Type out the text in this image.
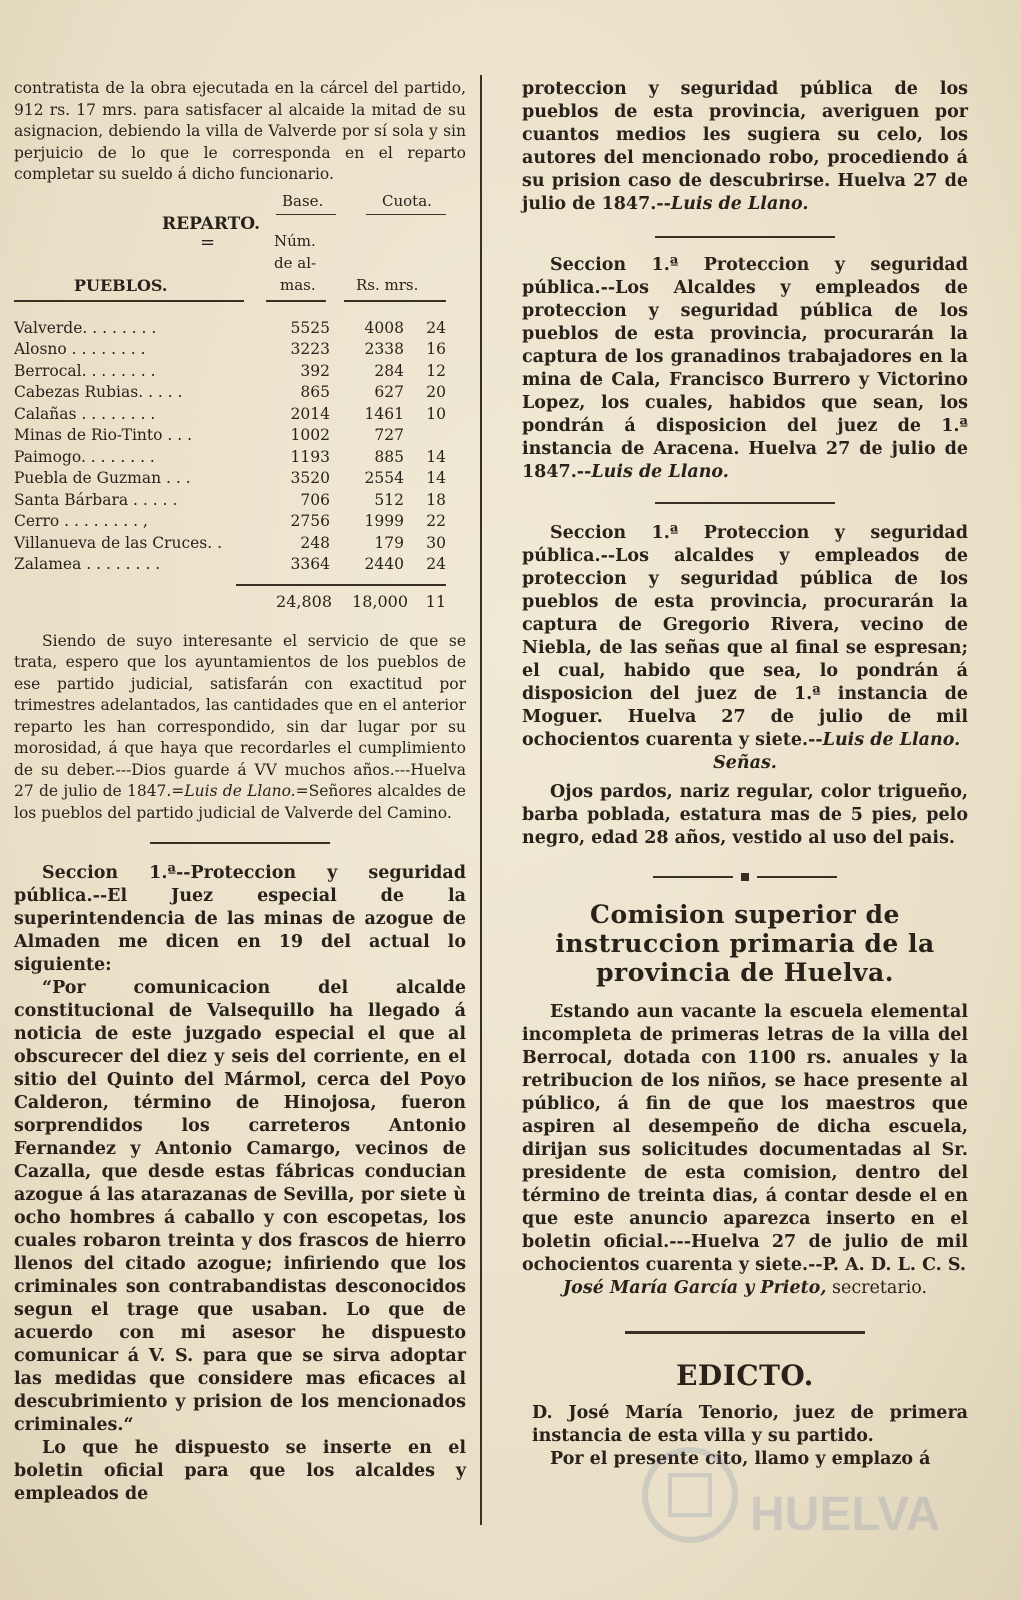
contratista de la obra ejecutada en la cárcel del partido, 912 rs. 17 mrs. para satisfacer al alcaide la mitad de su asignacion, debiendo la villa de Valverde por sí sola y sin perjuicio de lo que le corresponda en el reparto completar su sueldo á dicho funcionario.

Base.	Cuota.
REPARTO.
=	Núm.
de al-
mas.
PUEBLOS.	Rs. mrs.
Valverde. . . . . . . .	5525	4008	24
Alosno . . . . . . . .	3223	2338	16
Berrocal. . . . . . . .	392	284	12
Cabezas Rubias. . . . .	865	627	20
Calañas . . . . . . . .	2014	1461	10
Minas de Rio-Tinto . . .	1002	727
Paimogo. . . . . . . .	1193	885	14
Puebla de Guzman . . .	3520	2554	14
Santa Bárbara . . . . .	706	512	18
Cerro . . . . . . . . ,	2756	1999	22
Villanueva de las Cruces. .	248	179	30
Zalamea . . . . . . . .	3364	2440	24
24,808	18,000	11

Siendo de suyo interesante el servicio de que se trata, espero que los ayuntamientos de los pueblos de ese partido judicial, satisfarán con exactitud por trimestres adelantados, las cantidades que en el anterior reparto les han correspondido, sin dar lugar por su morosidad, á que haya que recordarles el cumplimiento de su deber.---Dios guarde á VV muchos años.---Huelva 27 de julio de 1847.=Luis de Llano.=Señores alcaldes de los pueblos del partido judicial de Valverde del Camino.

Seccion 1.ª--Proteccion y seguridad pública.--El Juez especial de la superintendencia de las minas de azogue de Almaden me dicen en 19 del actual lo siguiente:

“Por comunicacion del alcalde constitucional de Valsequillo ha llegado á noticia de este juzgado especial el que al obscurecer del diez y seis del corriente, en el sitio del Quinto del Mármol, cerca del Poyo Calderon, término de Hinojosa, fueron sorprendidos los carreteros Antonio Fernandez y Antonio Camargo, vecinos de Cazalla, que desde estas fábricas conducian azogue á las atarazanas de Sevilla, por siete ù ocho hombres á caballo y con escopetas, los cuales robaron treinta y dos frascos de hierro llenos del citado azogue; infiriendo que los criminales son contrabandistas desconocidos segun el trage que usaban. Lo que de acuerdo con mi asesor he dispuesto comunicar á V. S. para que se sirva adoptar las medidas que considere mas eficaces al descubrimiento y prision de los mencionados criminales.“

Lo que he dispuesto se inserte en el boletin oficial para que los alcaldes y empleados de

proteccion y seguridad pública de los pueblos de esta provincia, averiguen por cuantos medios les sugiera su celo, los autores del mencionado robo, procediendo á su prision caso de descubrirse. Huelva 27 de julio de 1847.--Luis de Llano.

Seccion 1.ª Proteccion y seguridad pública.--Los Alcaldes y empleados de proteccion y seguridad pública de los pueblos de esta provincia, procurarán la captura de los granadinos trabajadores en la mina de Cala, Francisco Burrero y Victorino Lopez, los cuales, habidos que sean, los pondrán á disposicion del juez de 1.ª instancia de Aracena. Huelva 27 de julio de 1847.--Luis de Llano.

Seccion 1.ª Proteccion y seguridad pública.--Los alcaldes y empleados de proteccion y seguridad pública de los pueblos de esta provincia, procurarán la captura de Gregorio Rivera, vecino de Niebla, de las señas que al final se espresan; el cual, habido que sea, lo pondrán á disposicion del juez de 1.ª instancia de Moguer. Huelva 27 de julio de mil ochocientos cuarenta y siete.--Luis de Llano.

Señas.

Ojos pardos, nariz regular, color trigueño, barba poblada, estatura mas de 5 pies, pelo negro, edad 28 años, vestido al uso del pais.

Comision superior de instruccion primaria de la provincia de Huelva.

Estando aun vacante la escuela elemental incompleta de primeras letras de la villa del Berrocal, dotada con 1100 rs. anuales y la retribucion de los niños, se hace presente al público, á fin de que los maestros que aspiren al desempeño de dicha escuela, dirijan sus solicitudes documentadas al Sr. presidente de esta comision, dentro del término de treinta dias, á contar desde el en que este anuncio aparezca inserto en el boletin oficial.---Huelva 27 de julio de mil ochocientos cuarenta y siete.--P. A. D. L. C. S.

José María García y Prieto, secretario.

EDICTO.

D. José María Tenorio, juez de primera instancia de esta villa y su partido.

Por el presente cito, llamo y emplazo á

HUELVA
